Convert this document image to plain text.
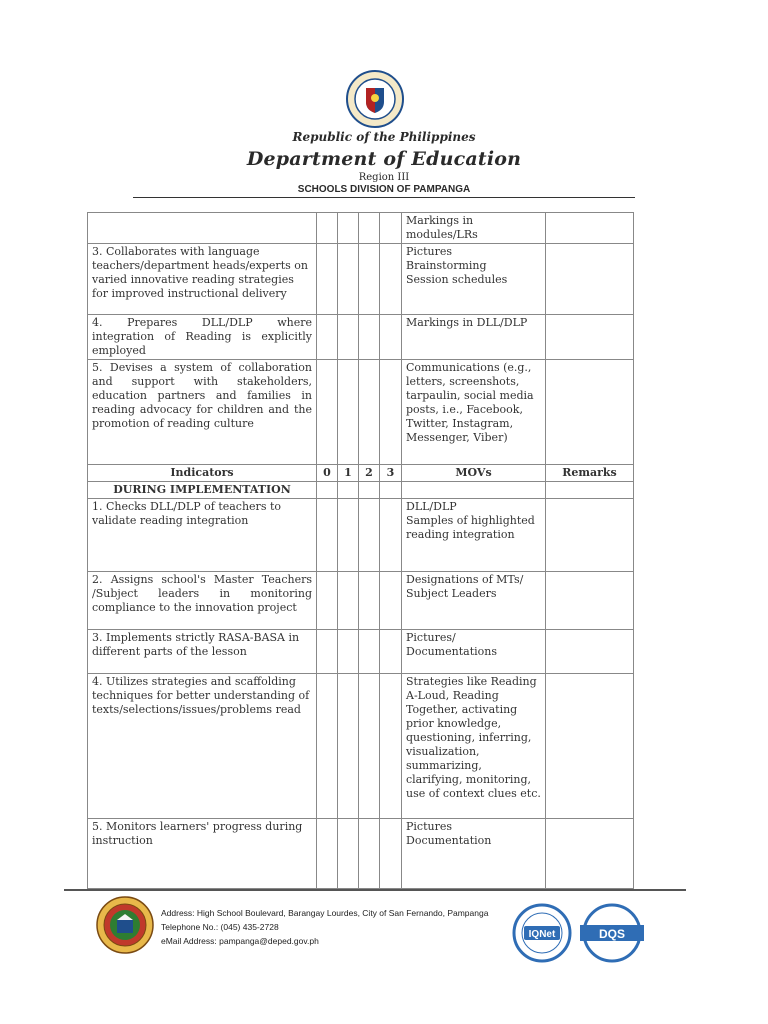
Republic of the Philippines
Department of Education
Region III
SCHOOLS DIVISION OF PAMPANGA
					Markings in modules/LRs	
3. Collaborates with language teachers/department heads/experts on varied innovative reading strategies for improved instructional delivery					Pictures
Brainstorming
Session schedules	
4. Prepares DLL/DLP where integration of Reading is explicitly employed					Markings in DLL/DLP	
5. Devises a system of collaboration and support with stakeholders, education partners and families in reading advocacy for children and the promotion of reading culture					Communications (e.g., letters, screenshots, tarpaulin, social media posts, i.e., Facebook, Twitter, Instagram, Messenger, Viber)	
Indicators	0	1	2	3	MOVs	Remarks
DURING IMPLEMENTATION						
1. Checks DLL/DLP of teachers to validate reading integration					DLL/DLP
Samples of highlighted reading integration	
2. Assigns school's Master Teachers /Subject leaders in monitoring compliance to the innovation project					Designations of MTs/ Subject Leaders	
3. Implements strictly RASA-BASA in different parts of the lesson					Pictures/
Documentations	
4. Utilizes strategies and scaffolding techniques for better understanding of texts/selections/issues/problems read					Strategies like Reading A-Loud, Reading Together, activating prior knowledge, questioning, inferring, visualization, summarizing, clarifying, monitoring, use of context clues etc.	
5. Monitors learners' progress during instruction					Pictures
Documentation	
Address: High School Boulevard, Barangay Lourdes, City of San Fernando, Pampanga
Telephone No.: (045) 435-2728
eMail Address: pampanga@deped.gov.ph
IQNet	DQS
